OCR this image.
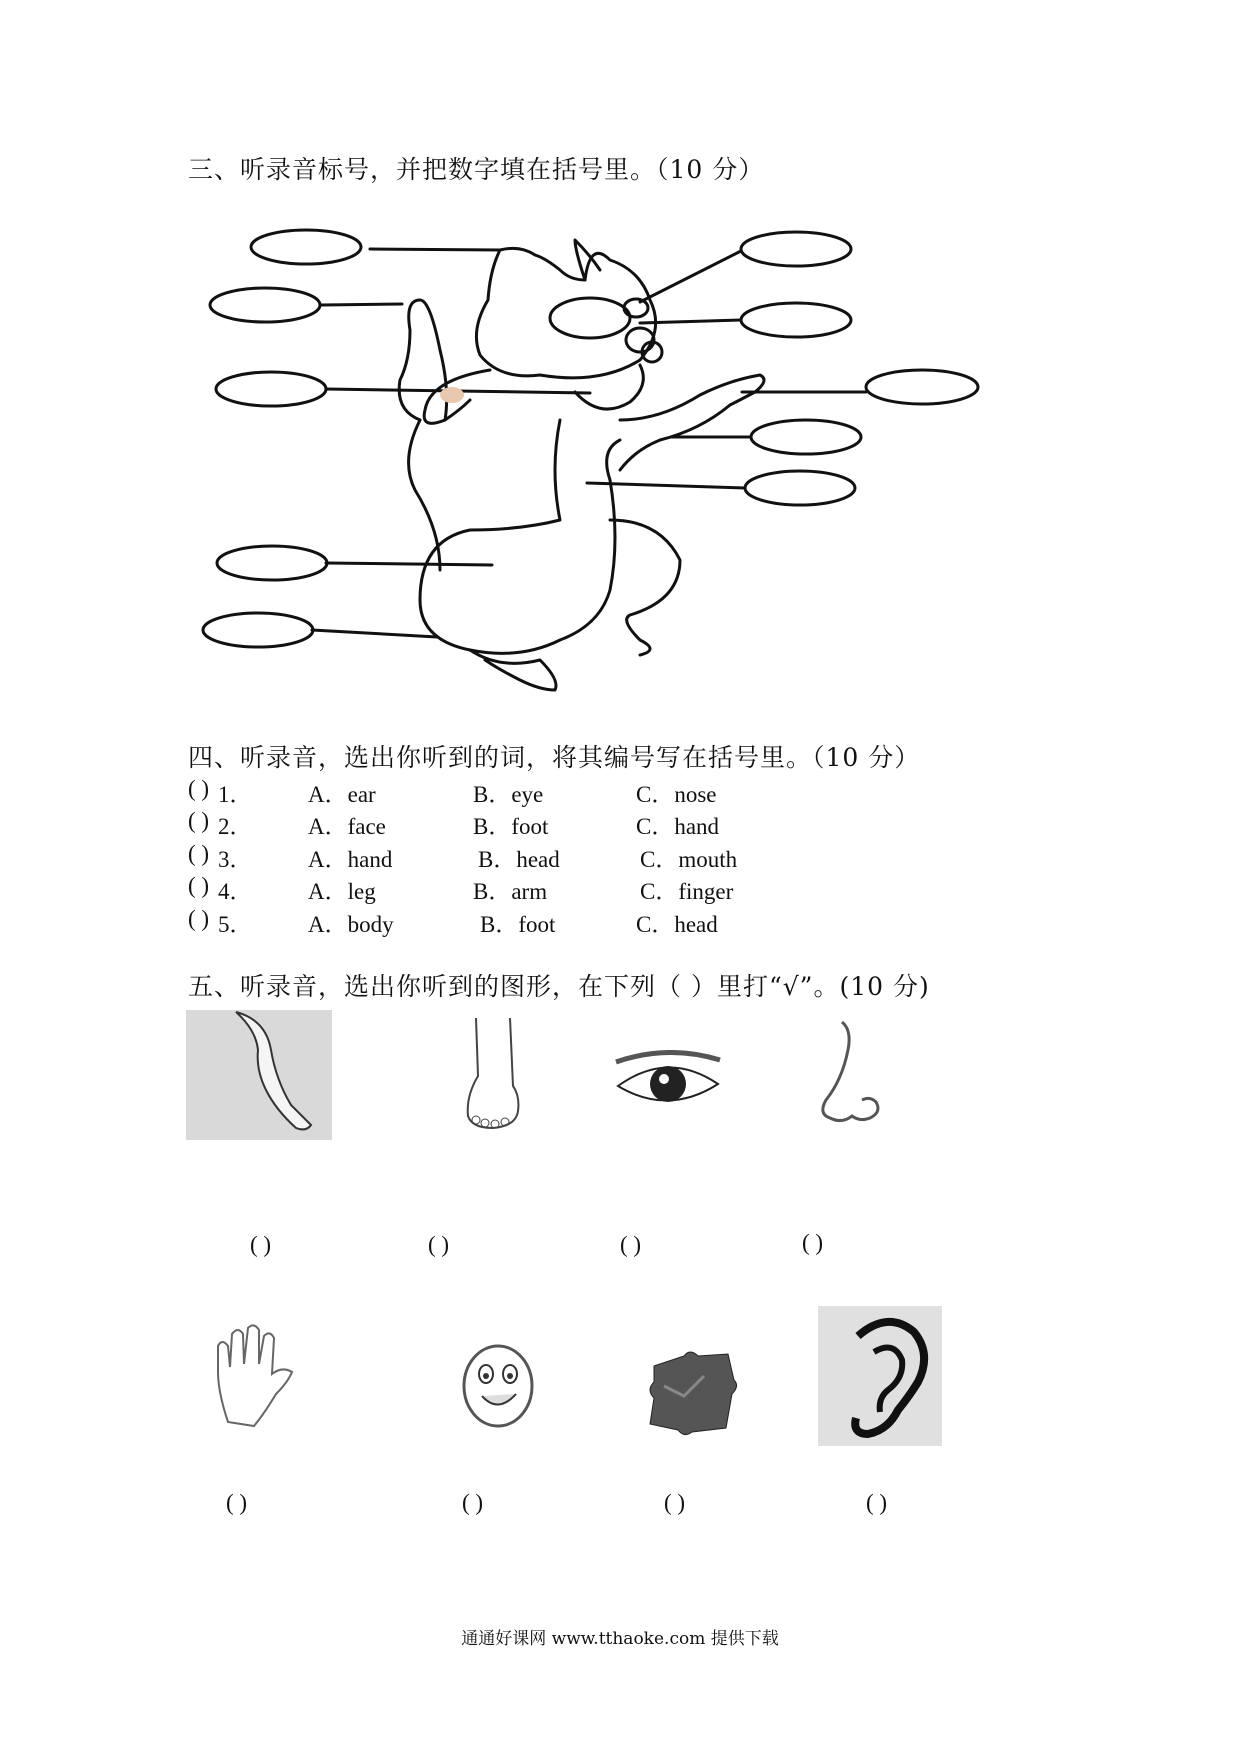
三、听录音标号，并把数字填在括号里。（10 分）
四、听录音，选出你听到的词，将其编号写在括号里。（10 分）
( ) 1． A．ear	B．eye	C．nose
( ) 2． A．face	B．foot	C．hand
( ) 3． A．hand	B．head	C．mouth
( ) 4． A．leg	B．arm	C．finger
( ) 5． A．body	B．foot	C．head
五、听录音，选出你听到的图形，在下列（ ）里打“√”。(10 分)
( )	( )	( )	( )
( )	( )	( )	( )
通通好课网 www.tthaoke.com 提供下载
